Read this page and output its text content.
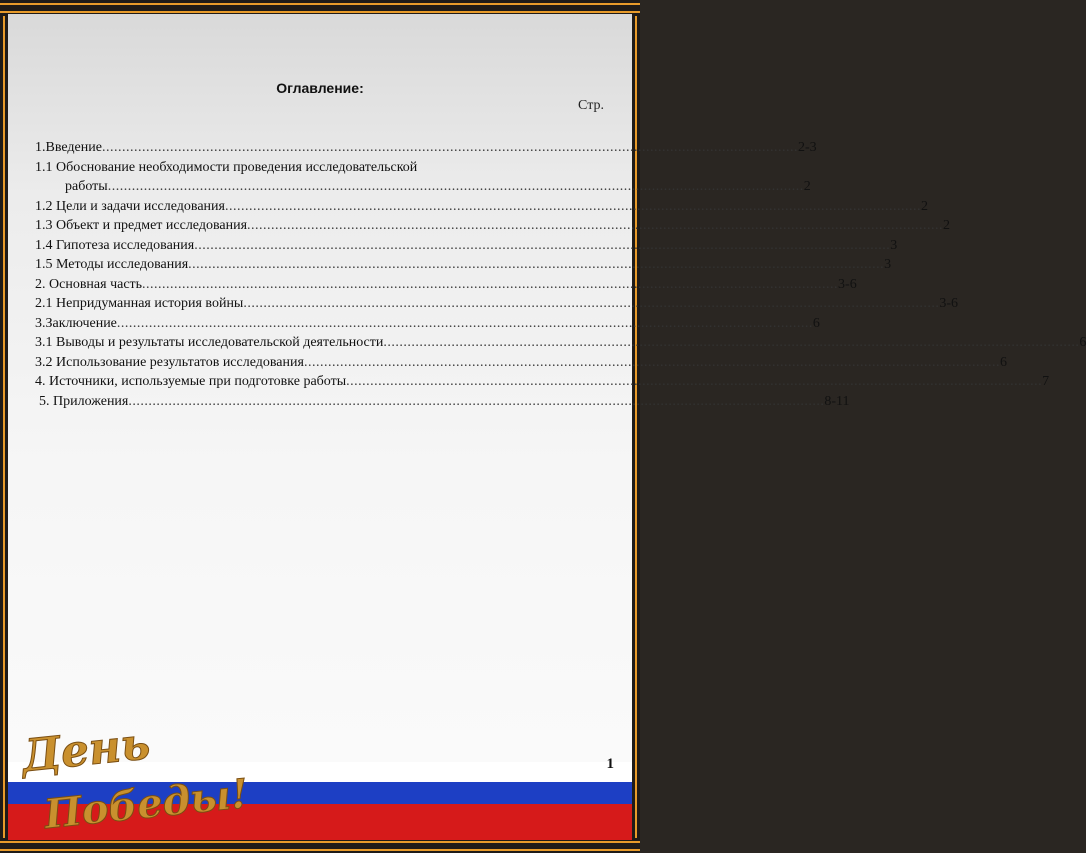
Оглавление:
Стр.
1.Введение .....	2-3
1.1 Обоснование необходимости проведения исследовательской
работы .....	2
1.2 Цели и задачи исследования .....	2
1.3 Объект и предмет исследования .....	2
1.4 Гипотеза исследования .....	3
1.5 Методы исследования .....	3
2. Основная часть .....	3-6
2.1 Непридуманная история войны .....	3-6
3.Заключение .....	6
3.1 Выводы и результаты исследовательской деятельности .....	6
3.2 Использование результатов исследования .....	6
4. Источники, используемые при подготовке работы .....	7
5. Приложения .....	8-11
1
День
Победы!
